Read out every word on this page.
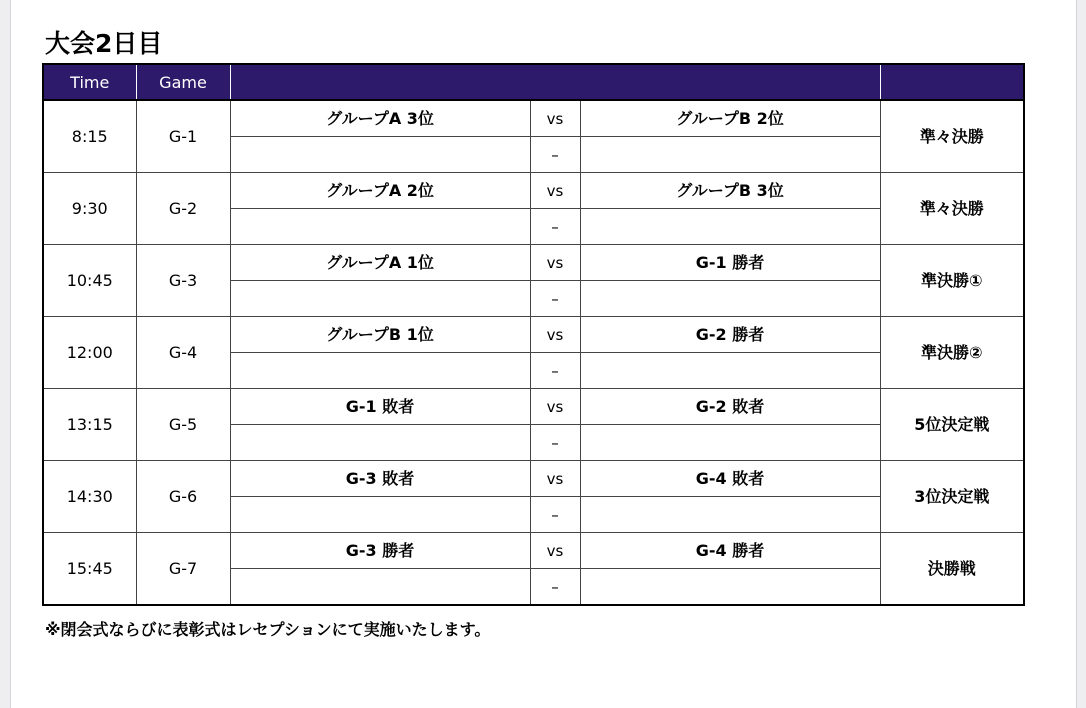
大会2日目
Time	Game				
8:15	G-1	グループA 3位	vs	グループB 2位	準々決勝
			–		
9:30	G-2	グループA 2位	vs	グループB 3位	準々決勝
			–		
10:45	G-3	グループA 1位	vs	G-1 勝者	準決勝①
			–		
12:00	G-4	グループB 1位	vs	G-2 勝者	準決勝②
			–		
13:15	G-5	G-1 敗者	vs	G-2 敗者	5位決定戦
			–		
14:30	G-6	G-3 敗者	vs	G-4 敗者	3位決定戦
			–		
15:45	G-7	G-3 勝者	vs	G-4 勝者	決勝戦
			–		
※閉会式ならびに表彰式はレセプションにて実施いたします。
